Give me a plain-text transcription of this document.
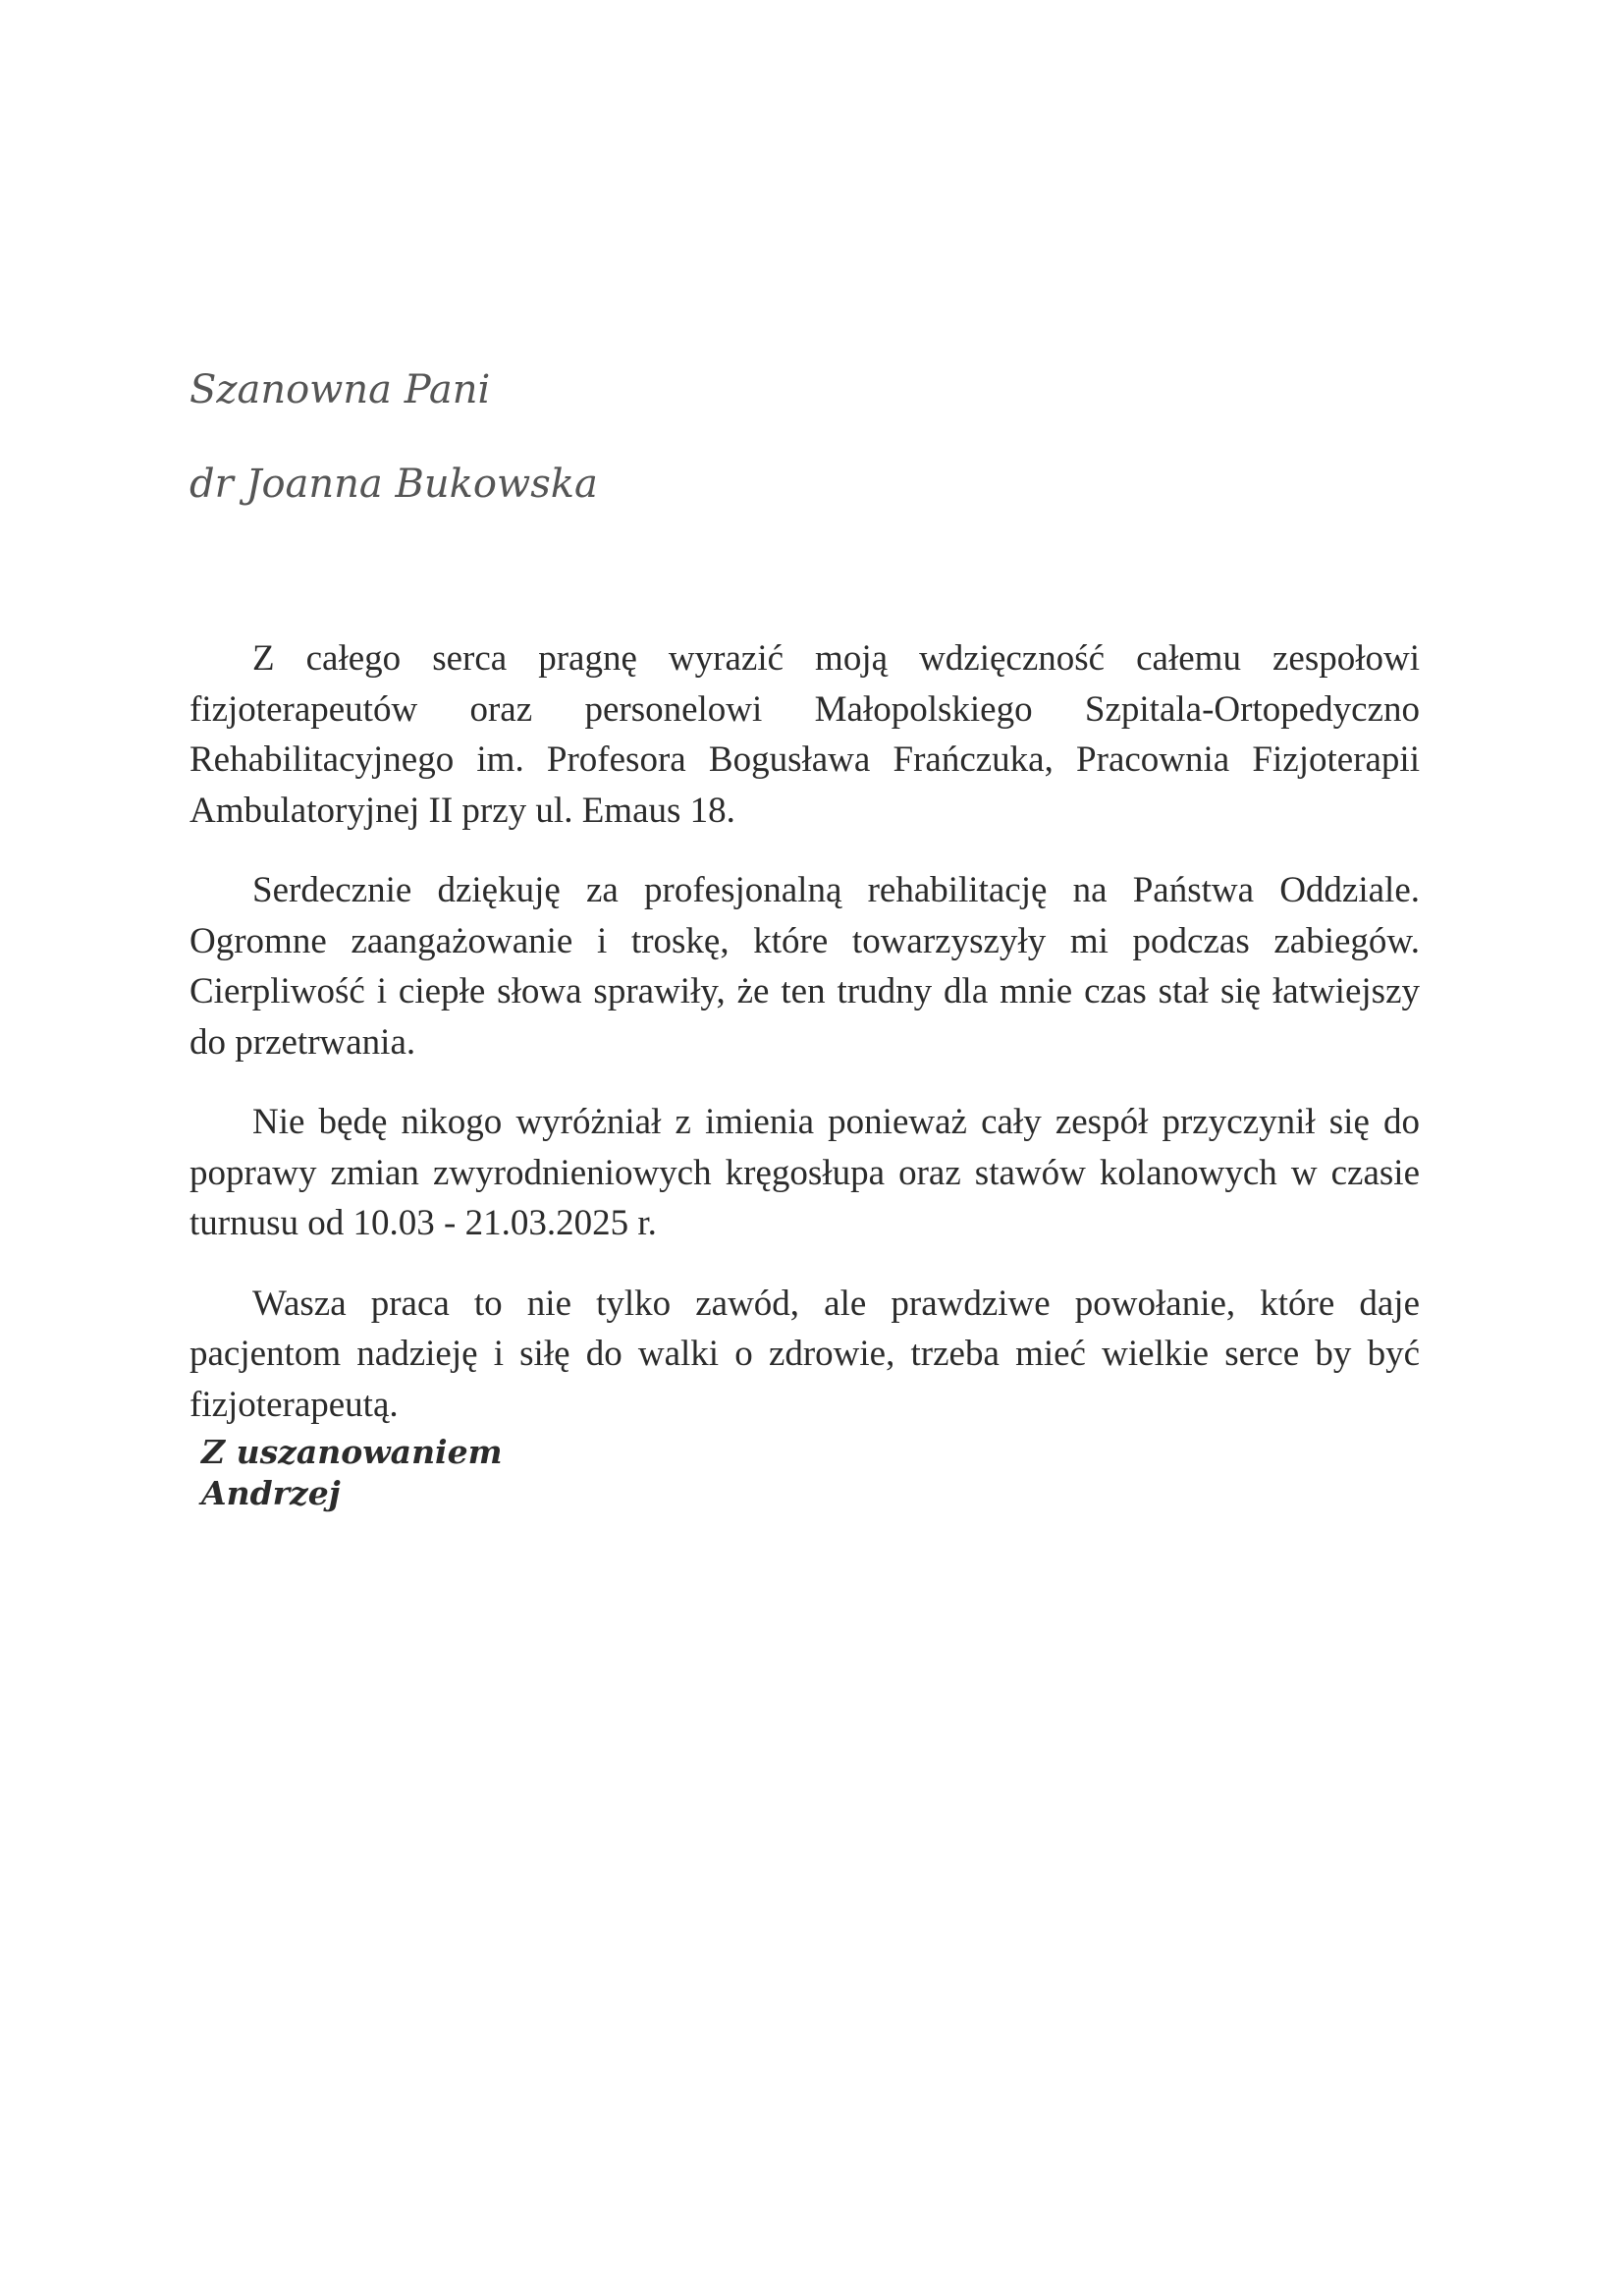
Szanowna Pani
dr Joanna Bukowska

Z całego serca pragnę wyrazić moją wdzięczność całemu zespołowi fizjoterapeutów oraz personelowi Małopolskiego Szpitala-Ortopedyczno Rehabilitacyjnego im. Profesora Bogusława Frańczuka, Pracownia Fizjoterapii Ambulatoryjnej II przy ul. Emaus 18.

Serdecznie dziękuję za profesjonalną rehabilitację na Państwa Oddziale. Ogromne zaangażowanie i troskę, które towarzyszyły mi podczas zabiegów. Cierpliwość i ciepłe słowa sprawiły, że ten trudny dla mnie czas stał się łatwiejszy do przetrwania.

Nie będę nikogo wyróżniał z imienia ponieważ cały zespół przyczynił się do poprawy zmian zwyrodnieniowych kręgosłupa oraz stawów kolanowych w czasie turnusu od 10.03 - 21.03.2025 r.

Wasza praca to nie tylko zawód, ale prawdziwe powołanie, które daje pacjentom nadzieję i siłę do walki o zdrowie, trzeba mieć wielkie serce by być fizjoterapeutą.

Z uszanowaniem
Andrzej
